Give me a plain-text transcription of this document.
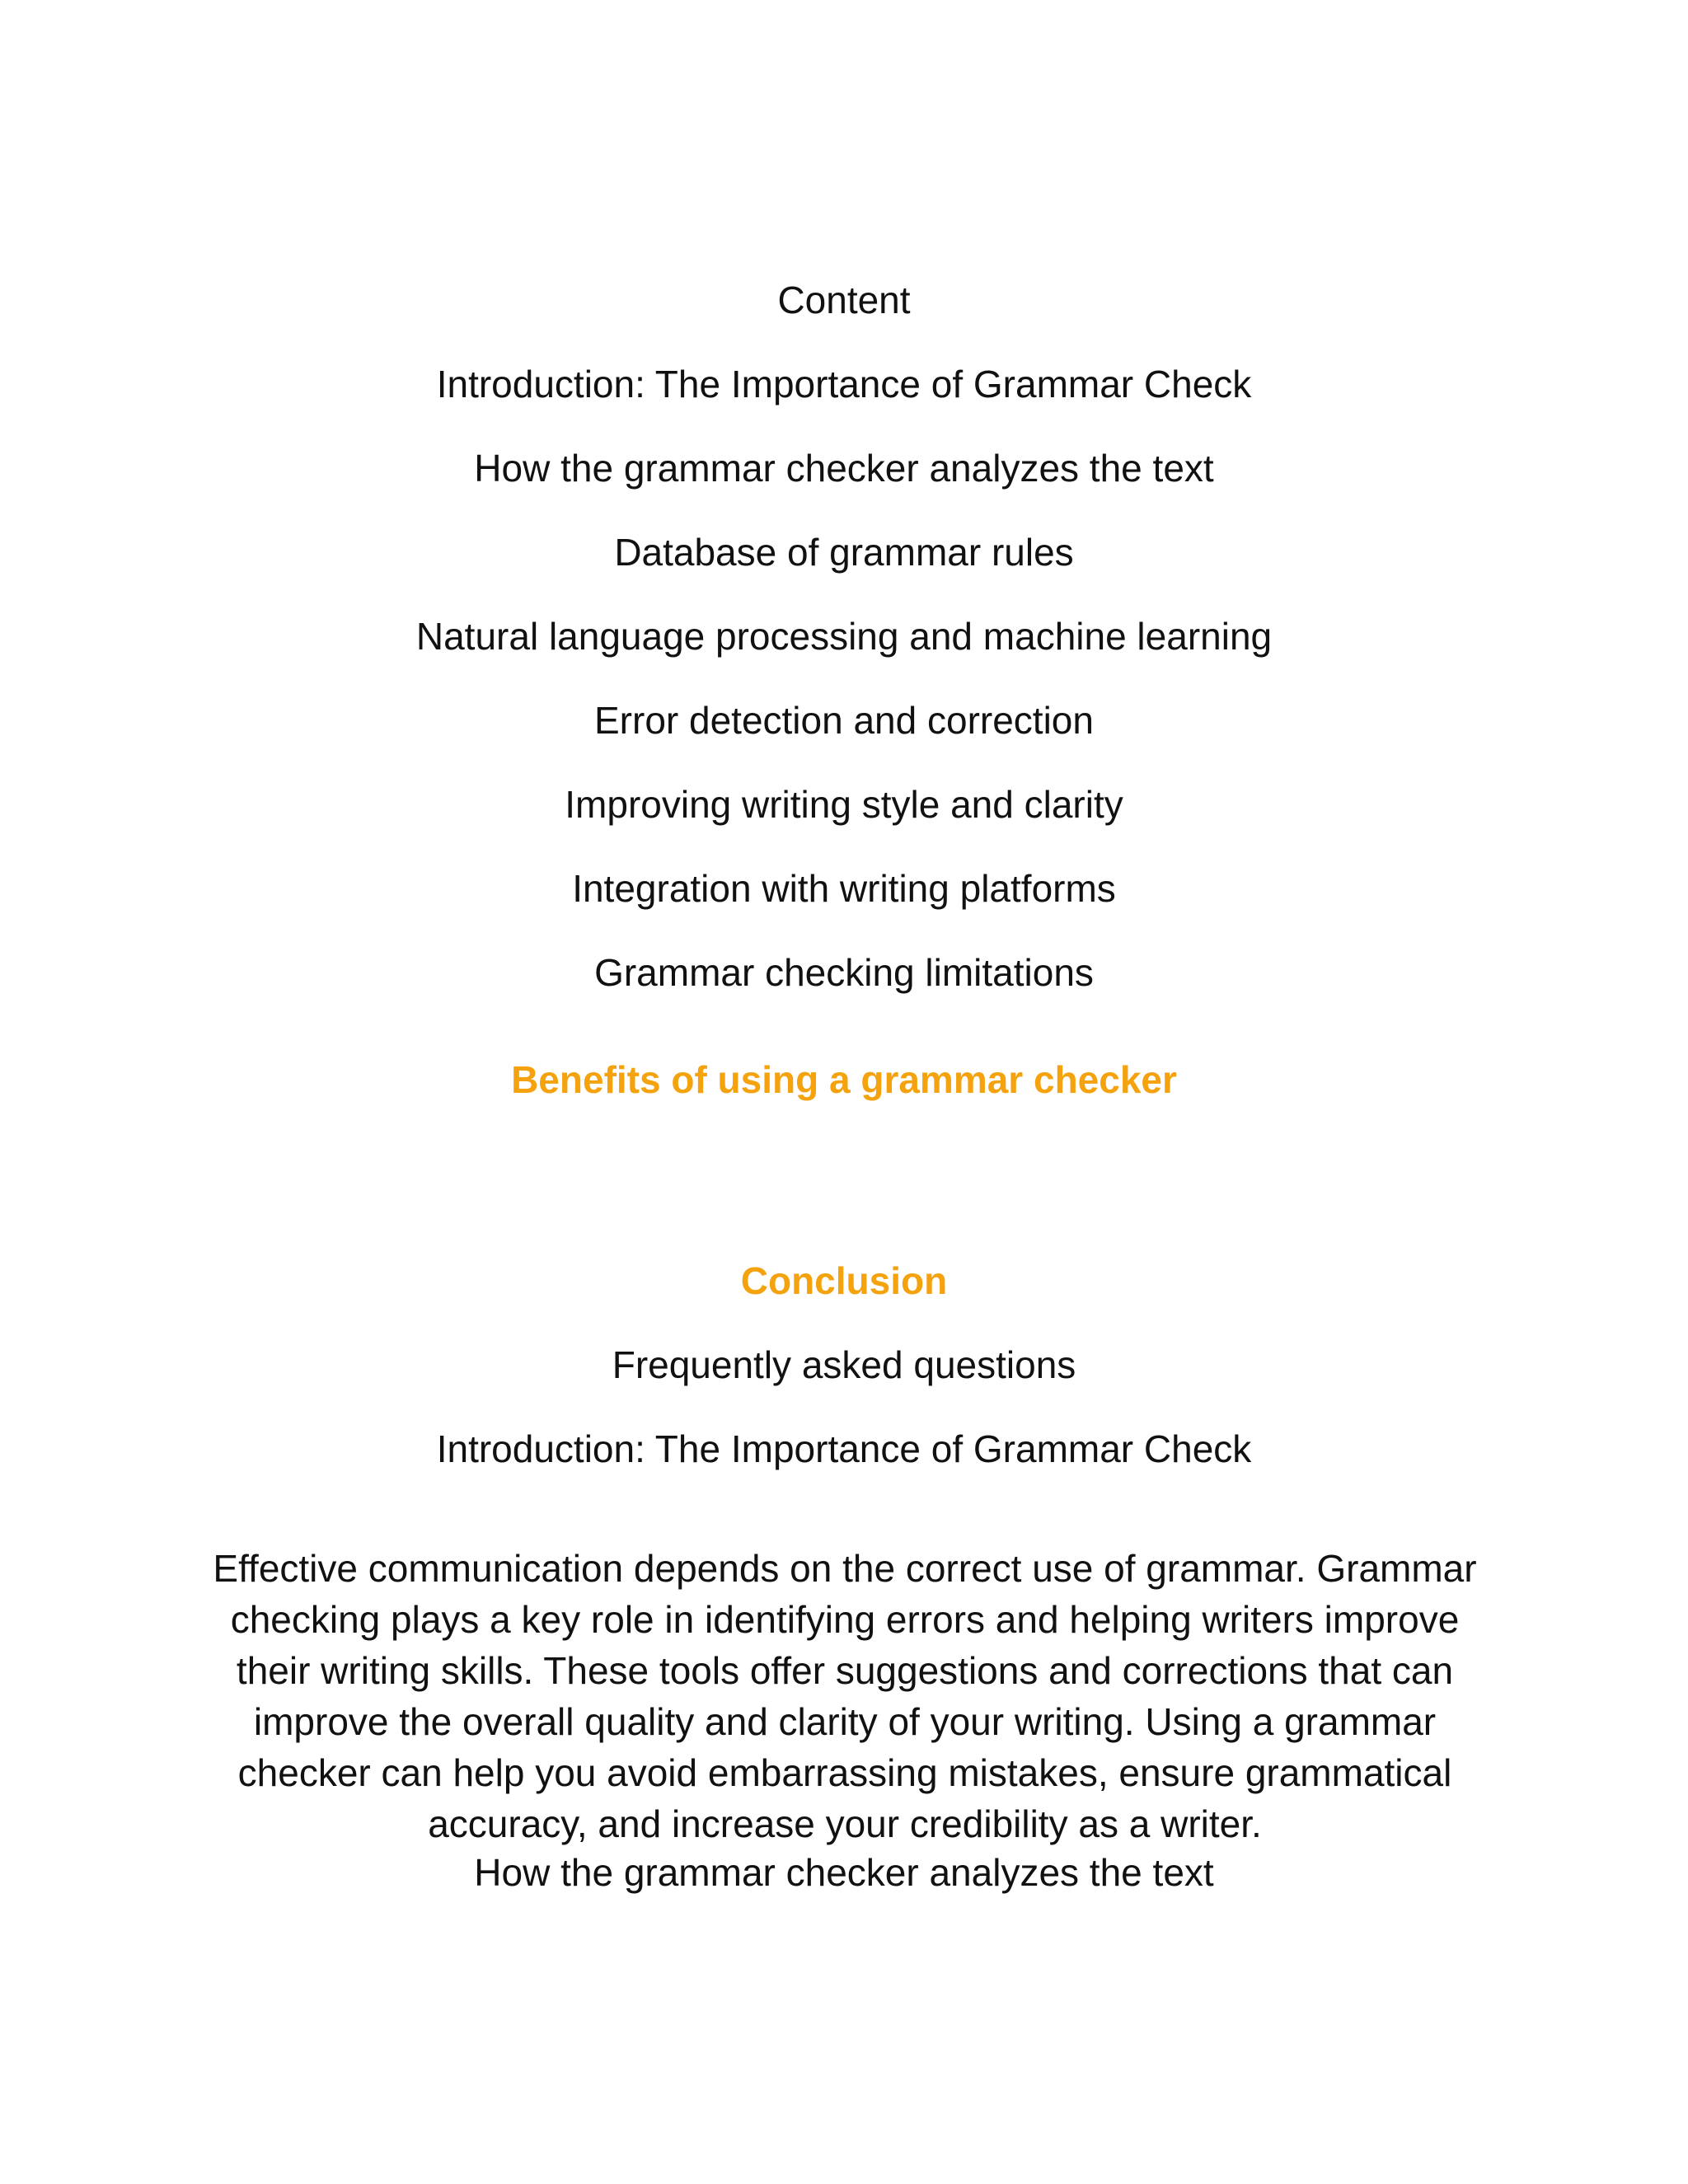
Content
Introduction: The Importance of Grammar Check
How the grammar checker analyzes the text
Database of grammar rules
Natural language processing and machine learning
Error detection and correction
Improving writing style and clarity
Integration with writing platforms
Grammar checking limitations
Benefits of using a grammar checker
Conclusion
Frequently asked questions
Introduction: The Importance of Grammar Check

Effective communication depends on the correct use of grammar. Grammar checking plays a key role in identifying errors and helping writers improve their writing skills. These tools offer suggestions and corrections that can improve the overall quality and clarity of your writing. Using a grammar checker can help you avoid embarrassing mistakes, ensure grammatical accuracy, and increase your credibility as a writer.

How the grammar checker analyzes the text
